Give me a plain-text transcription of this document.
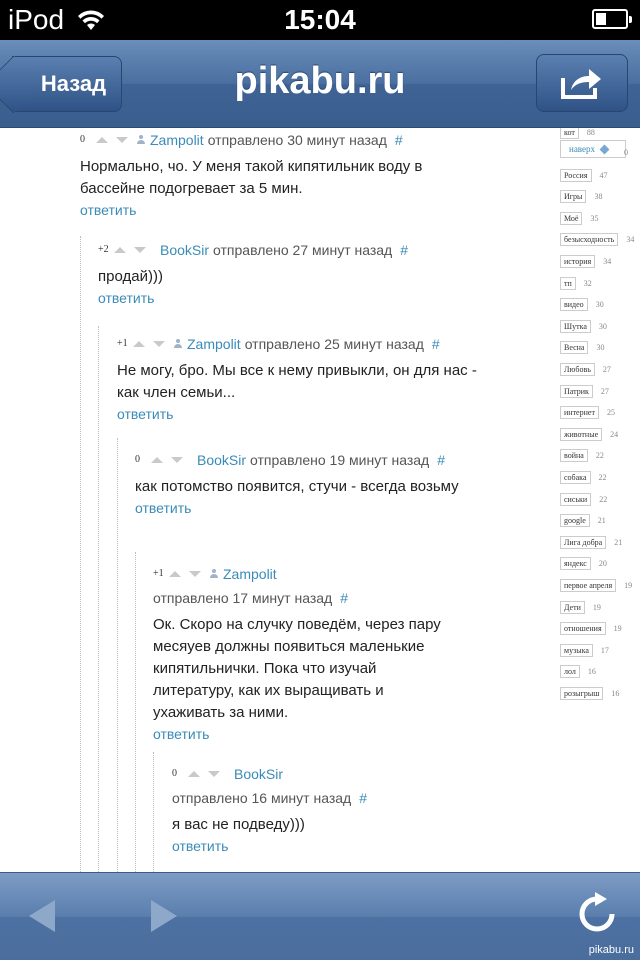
iPod	15:04
Назад	pikabu.ru
0	Zampolit отправлено 30 минут назад #
Нормально, чо. У меня такой кипятильник воду в бассейне подогревает за 5 мин.
ответить
+2	BookSir отправлено 27 минут назад #
продай)))
ответить
+1	Zampolit отправлено 25 минут назад #
Не могу, бро. Мы все к нему привыкли, он для нас - как член семьи...
ответить
0	BookSir отправлено 19 минут назад #
как потомство появится, стучи - всегда возьму
ответить
+1	Zampolit
отправлено 17 минут назад #
Ок. Скоро на случку поведём, через пару месяуев должны появиться маленькие кипятильнички. Пока что изучай литературу, как их выращивать и ухаживать за ними.
ответить
0	BookSir
отправлено 16 минут назад #
я вас не подведу)))
ответить
кот	88
наверх	0
Россия	47
Игры	38
Моё	35
безысходность	34
история	34
тп	32
видео	30
Шутка	30
Весна	30
Любовь	27
Патрик	27
интернет	25
животные	24
война	22
собака	22
сиськи	22
google	21
Лига добра	21
яндекс	20
первое апреля	19
Дети	19
отношения	19
музыка	17
лол	16
розыгрыш	16
pikabu.ru
